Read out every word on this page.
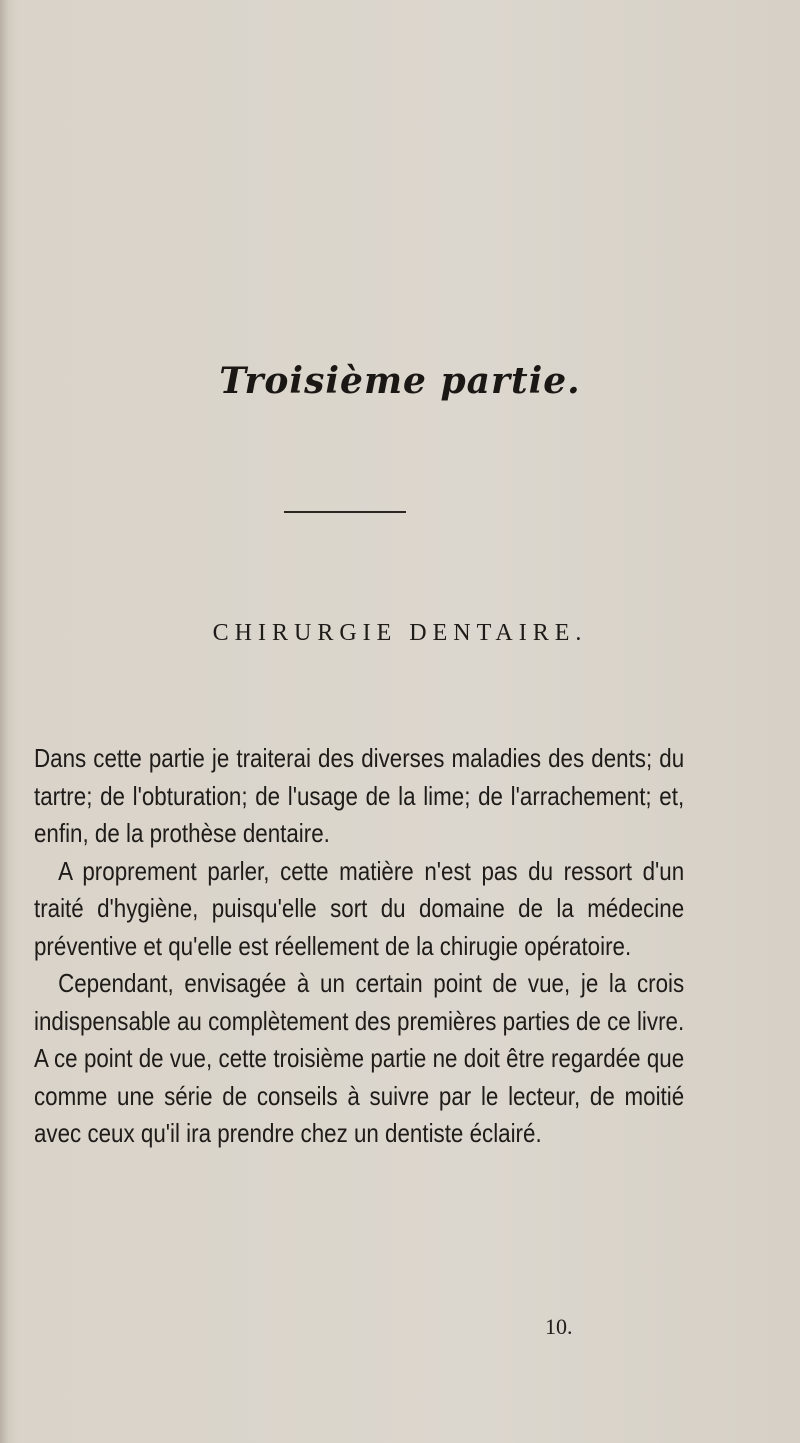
Troisième partie.
CHIRURGIE DENTAIRE.

Dans cette partie je traiterai des diverses maladies des dents; du tartre; de l'obturation; de l'usage de la lime; de l'arrachement; et, enfin, de la prothèse dentaire.

A proprement parler, cette matière n'est pas du ressort d'un traité d'hygiène, puisqu'elle sort du domaine de la médecine préventive et qu'elle est réellement de la chirugie opératoire.

Cependant, envisagée à un certain point de vue, je la crois indispensable au complètement des premières parties de ce livre. A ce point de vue, cette troisième partie ne doit être regardée que comme une série de conseils à suivre par le lecteur, de moitié avec ceux qu'il ira prendre chez un dentiste éclairé.

10.
